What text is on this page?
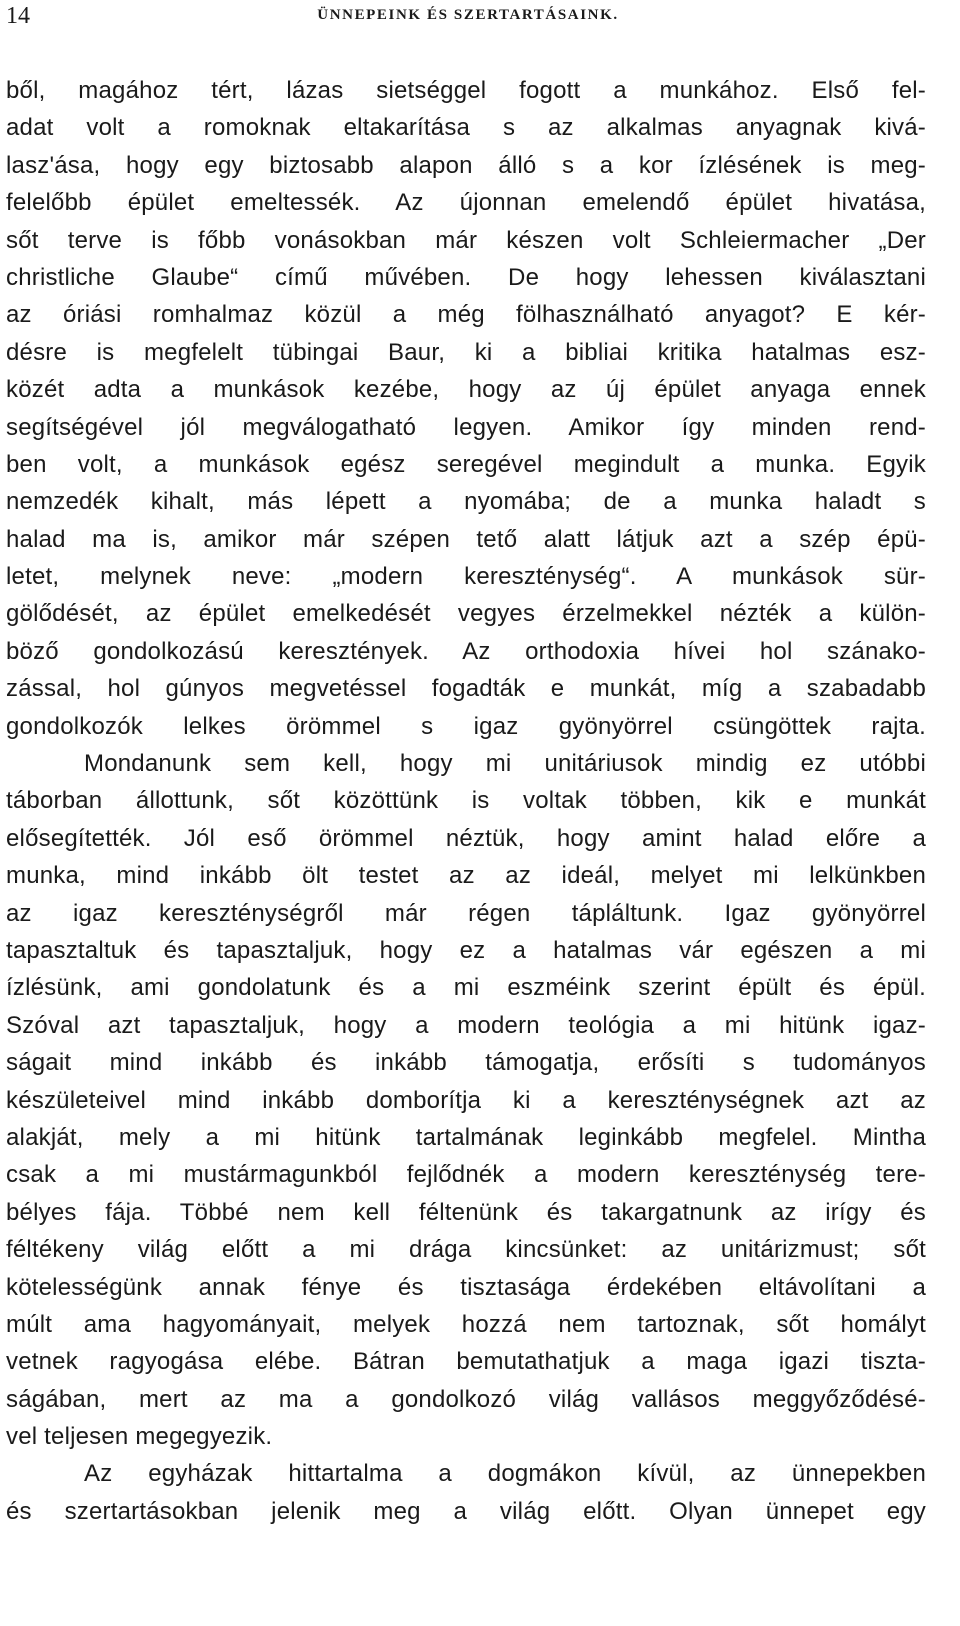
14	ÜNNEPEINK ÉS SZERTARTÁSAINK.
ből, magához tért, lázas sietséggel fogott a munkához. Első fel-
adat volt a romoknak eltakarítása s az alkalmas anyagnak kivá-
lasz'ása, hogy egy biztosabb alapon álló s a kor ízlésének is meg-
felelőbb épület emeltessék. Az újonnan emelendő épület hivatása,
sőt terve is főbb vonásokban már készen volt Schleiermacher „Der
christliche Glaube“ című művében. De hogy lehessen kiválasztani
az óriási romhalmaz közül a még fölhasználható anyagot? E kér-
désre is megfelelt tübingai Baur, ki a bibliai kritika hatalmas esz-
közét adta a munkások kezébe, hogy az új épület anyaga ennek
segítségével jól megválogatható legyen. Amikor így minden rend-
ben volt, a munkások egész seregével megindult a munka. Egyik
nemzedék kihalt, más lépett a nyomába; de a munka haladt s
halad ma is, amikor már szépen tető alatt látjuk azt a szép épü-
letet, melynek neve: „modern kereszténység“. A munkások sür-
gölődését, az épület emelkedését vegyes érzelmekkel nézték a külön-
böző gondolkozású keresztények. Az orthodoxia hívei hol szánako-
zással, hol gúnyos megvetéssel fogadták e munkát, míg a szabadabb
gondolkozók lelkes örömmel s igaz gyönyörrel csüngöttek rajta.
Mondanunk sem kell, hogy mi unitáriusok mindig ez utóbbi
táborban állottunk, sőt közöttünk is voltak többen, kik e munkát
elősegítették. Jól eső örömmel néztük, hogy amint halad előre a
munka, mind inkább ölt testet az az ideál, melyet mi lelkünkben
az igaz kereszténységről már régen tápláltunk. Igaz gyönyörrel
tapasztaltuk és tapasztaljuk, hogy ez a hatalmas vár egészen a mi
ízlésünk, ami gondolatunk és a mi eszméink szerint épült és épül.
Szóval azt tapasztaljuk, hogy a modern teológia a mi hitünk igaz-
ságait mind inkább és inkább támogatja, erősíti s tudományos
készületeivel mind inkább domborítja ki a kereszténységnek azt az
alakját, mely a mi hitünk tartalmának leginkább megfelel. Mintha
csak a mi mustármagunkból fejlődnék a modern kereszténység tere-
bélyes fája. Többé nem kell féltenünk és takargatnunk az irígy és
féltékeny világ előtt a mi drága kincsünket: az unitárizmust; sőt
kötelességünk annak fénye és tisztasága érdekében eltávolítani a
múlt ama hagyományait, melyek hozzá nem tartoznak, sőt homályt
vetnek ragyogása elébe. Bátran bemutathatjuk a maga igazi tiszta-
ságában, mert az ma a gondolkozó világ vallásos meggyőződésé-
vel teljesen megegyezik.
Az egyházak hittartalma a dogmákon kívül, az ünnepekben
és szertartásokban jelenik meg a világ előtt. Olyan ünnepet egy
